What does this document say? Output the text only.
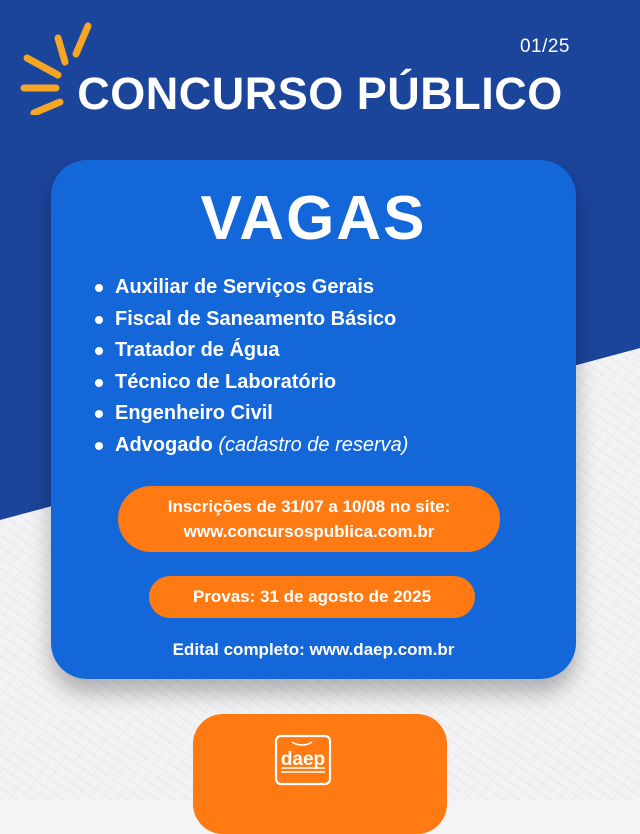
01/25
CONCURSO PÚBLICO
VAGAS
Auxiliar de Serviços Gerais
Fiscal de Saneamento Básico
Tratador de Água
Técnico de Laboratório
Engenheiro Civil
Advogado (cadastro de reserva)
Inscrições de 31/07 a 10/08 no site:
www.concursospublica.com.br
Provas: 31 de agosto de 2025
Edital completo: www.daep.com.br
daep
